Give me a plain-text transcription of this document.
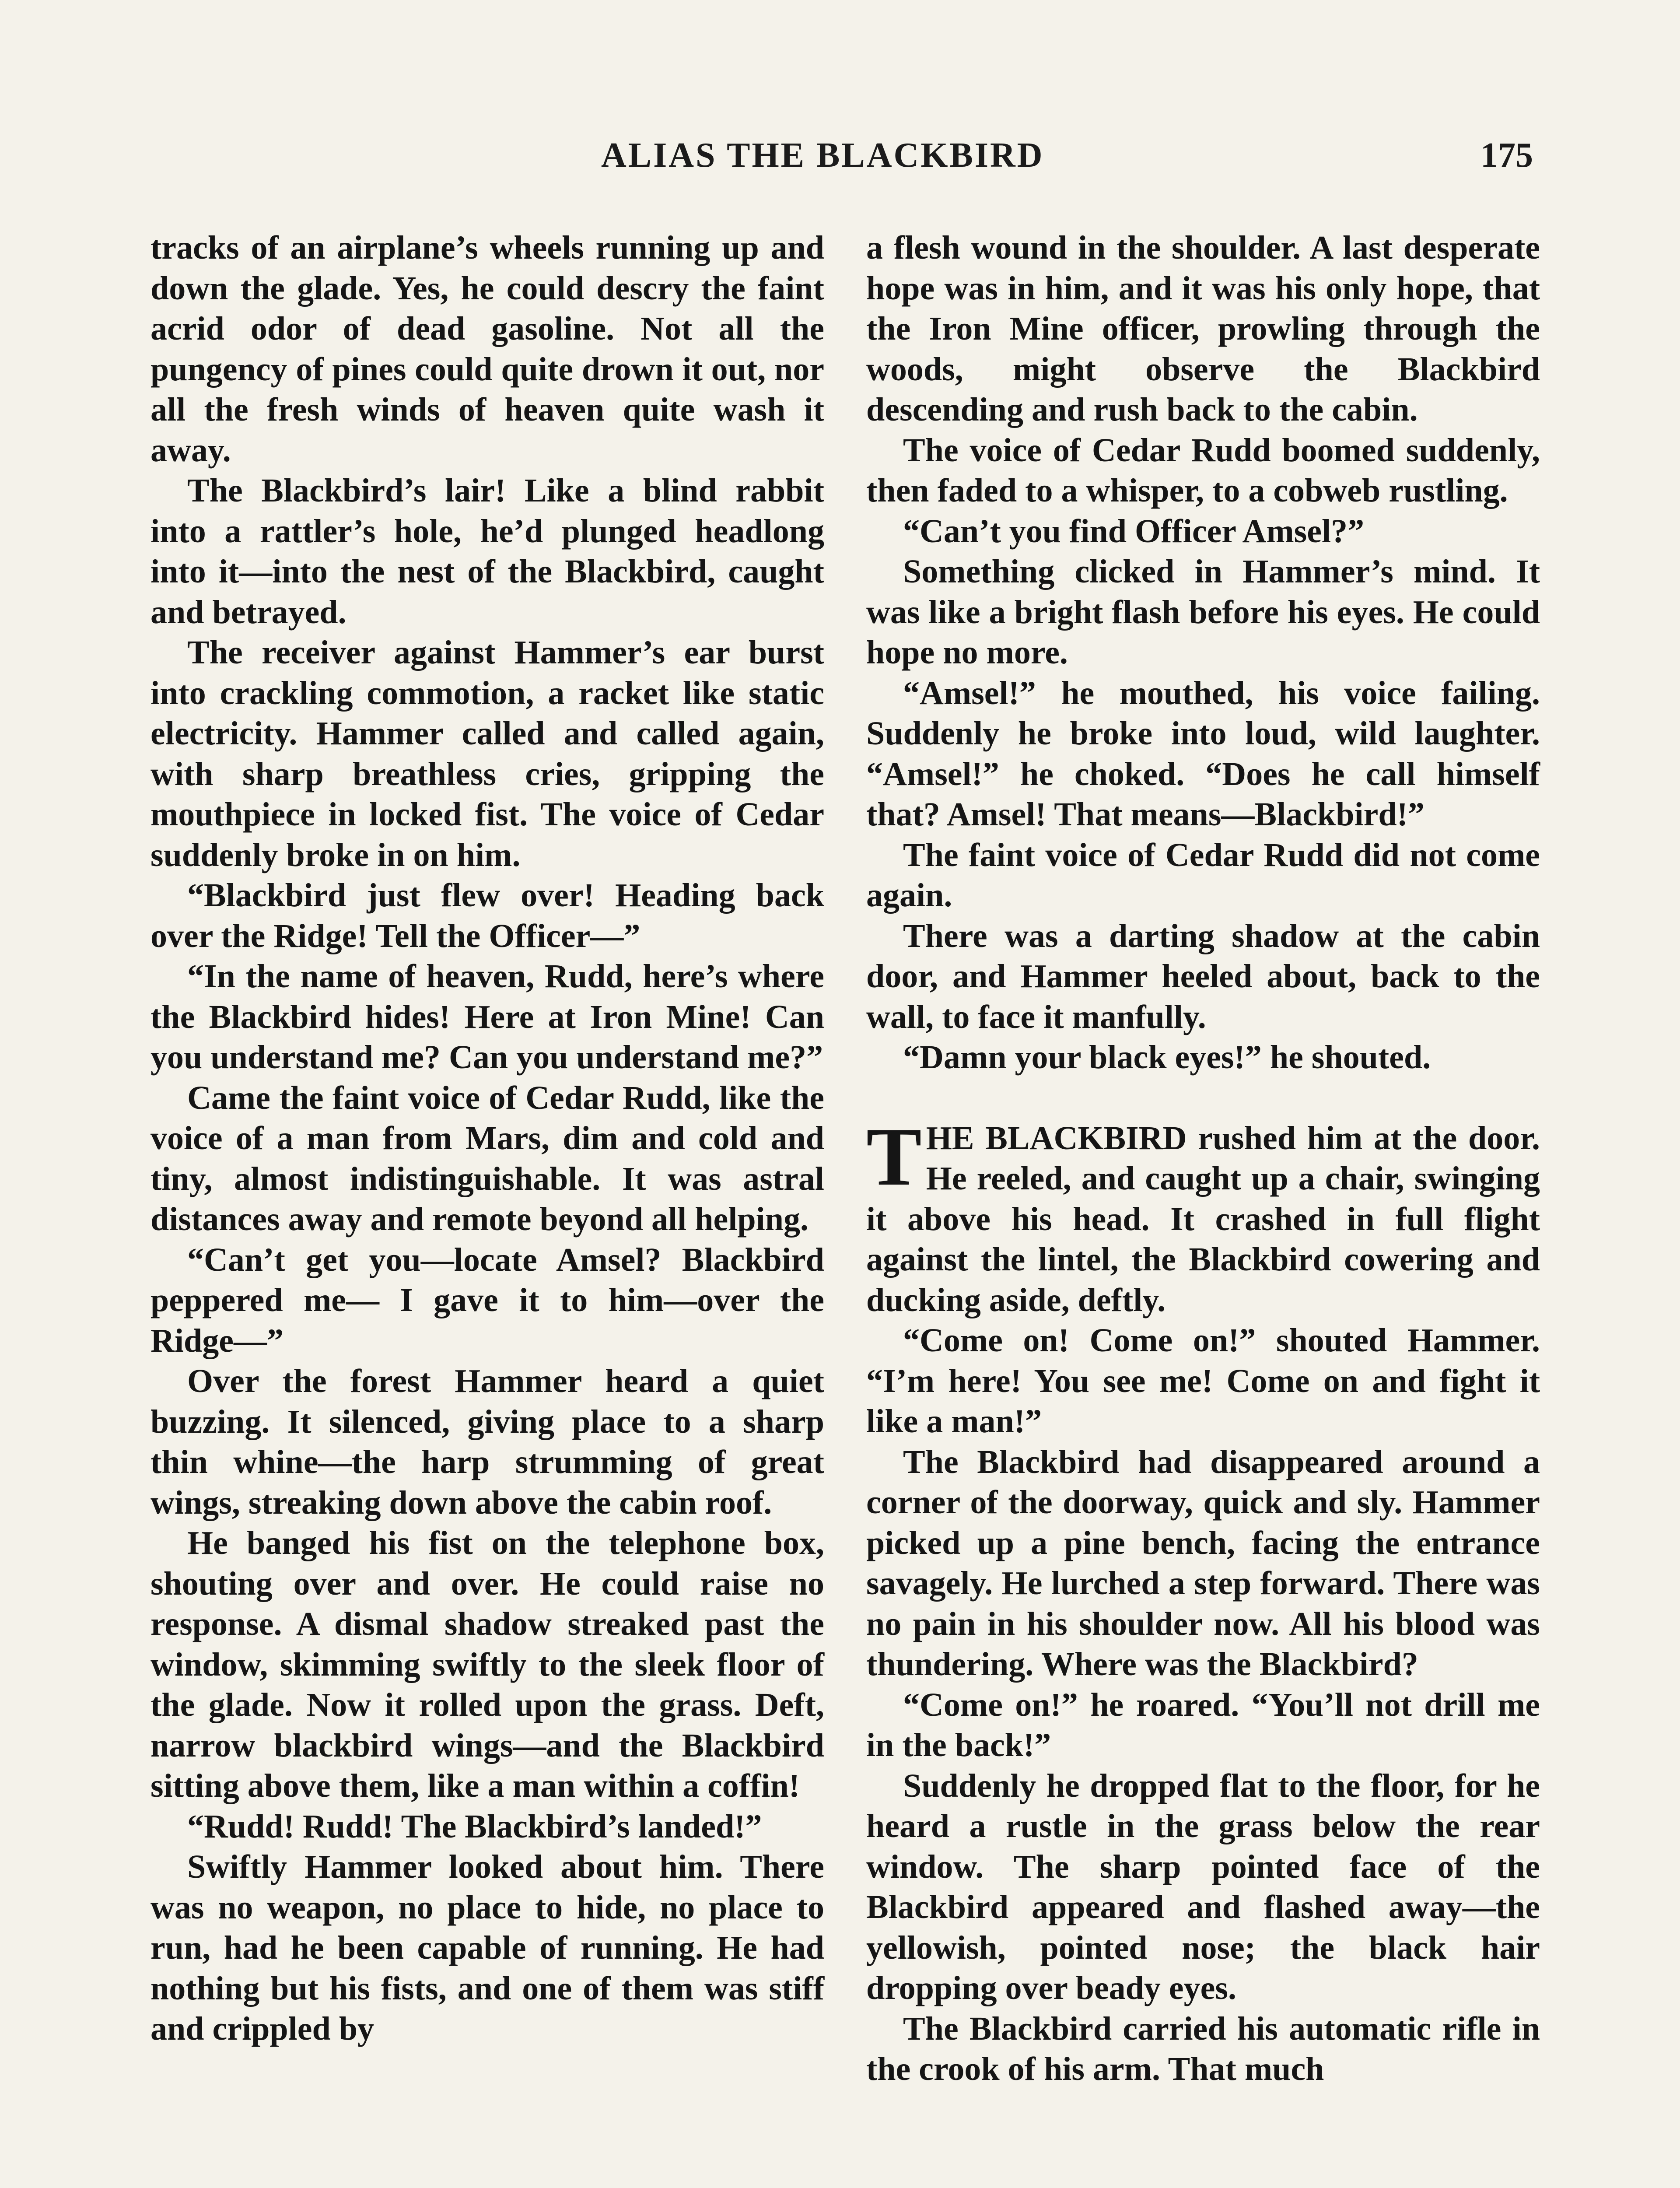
ALIAS THE BLACKBIRD	175

tracks of an airplane’s wheels running up and down the glade. Yes, he could descry the faint acrid odor of dead gasoline. Not all the pungency of pines could quite drown it out, nor all the fresh winds of heaven quite wash it away.

The Blackbird’s lair! Like a blind rabbit into a rattler’s hole, he’d plunged headlong into it—into the nest of the Blackbird, caught and betrayed.

The receiver against Hammer’s ear burst into crackling commotion, a racket like static electricity. Hammer called and called again, with sharp breathless cries, gripping the mouthpiece in locked fist. The voice of Cedar suddenly broke in on him.

“Blackbird just flew over! Heading back over the Ridge! Tell the Officer—”

“In the name of heaven, Rudd, here’s where the Blackbird hides! Here at Iron Mine! Can you understand me? Can you understand me?”

Came the faint voice of Cedar Rudd, like the voice of a man from Mars, dim and cold and tiny, almost indistinguishable. It was astral distances away and remote beyond all helping.

“Can’t get you—locate Amsel? Blackbird peppered me— I gave it to him—over the Ridge—”

Over the forest Hammer heard a quiet buzzing. It silenced, giving place to a sharp thin whine—the harp strumming of great wings, streaking down above the cabin roof.

He banged his fist on the telephone box, shouting over and over. He could raise no response. A dismal shadow streaked past the window, skimming swiftly to the sleek floor of the glade. Now it rolled upon the grass. Deft, narrow blackbird wings—and the Blackbird sitting above them, like a man within a coffin!

“Rudd! Rudd! The Blackbird’s landed!”

Swiftly Hammer looked about him. There was no weapon, no place to hide, no place to run, had he been capable of running. He had nothing but his fists, and one of them was stiff and crippled by

a flesh wound in the shoulder. A last desperate hope was in him, and it was his only hope, that the Iron Mine officer, prowling through the woods, might observe the Blackbird descending and rush back to the cabin.

The voice of Cedar Rudd boomed suddenly, then faded to a whisper, to a cobweb rustling.

“Can’t you find Officer Amsel?”

Something clicked in Hammer’s mind. It was like a bright flash before his eyes. He could hope no more.

“Amsel!” he mouthed, his voice failing. Suddenly he broke into loud, wild laughter. “Amsel!” he choked. “Does he call himself that? Amsel! That means—Blackbird!”

The faint voice of Cedar Rudd did not come again.

There was a darting shadow at the cabin door, and Hammer heeled about, back to the wall, to face it manfully.

“Damn your black eyes!” he shouted.

THE BLACKBIRD rushed him at the door. He reeled, and caught up a chair, swinging it above his head. It crashed in full flight against the lintel, the Blackbird cowering and ducking aside, deftly.

“Come on! Come on!” shouted Hammer. “I’m here! You see me! Come on and fight it like a man!”

The Blackbird had disappeared around a corner of the doorway, quick and sly. Hammer picked up a pine bench, facing the entrance savagely. He lurched a step forward. There was no pain in his shoulder now. All his blood was thundering. Where was the Blackbird?

“Come on!” he roared. “You’ll not drill me in the back!”

Suddenly he dropped flat to the floor, for he heard a rustle in the grass below the rear window. The sharp pointed face of the Blackbird appeared and flashed away—the yellowish, pointed nose; the black hair dropping over beady eyes.

The Blackbird carried his automatic rifle in the crook of his arm. That much
